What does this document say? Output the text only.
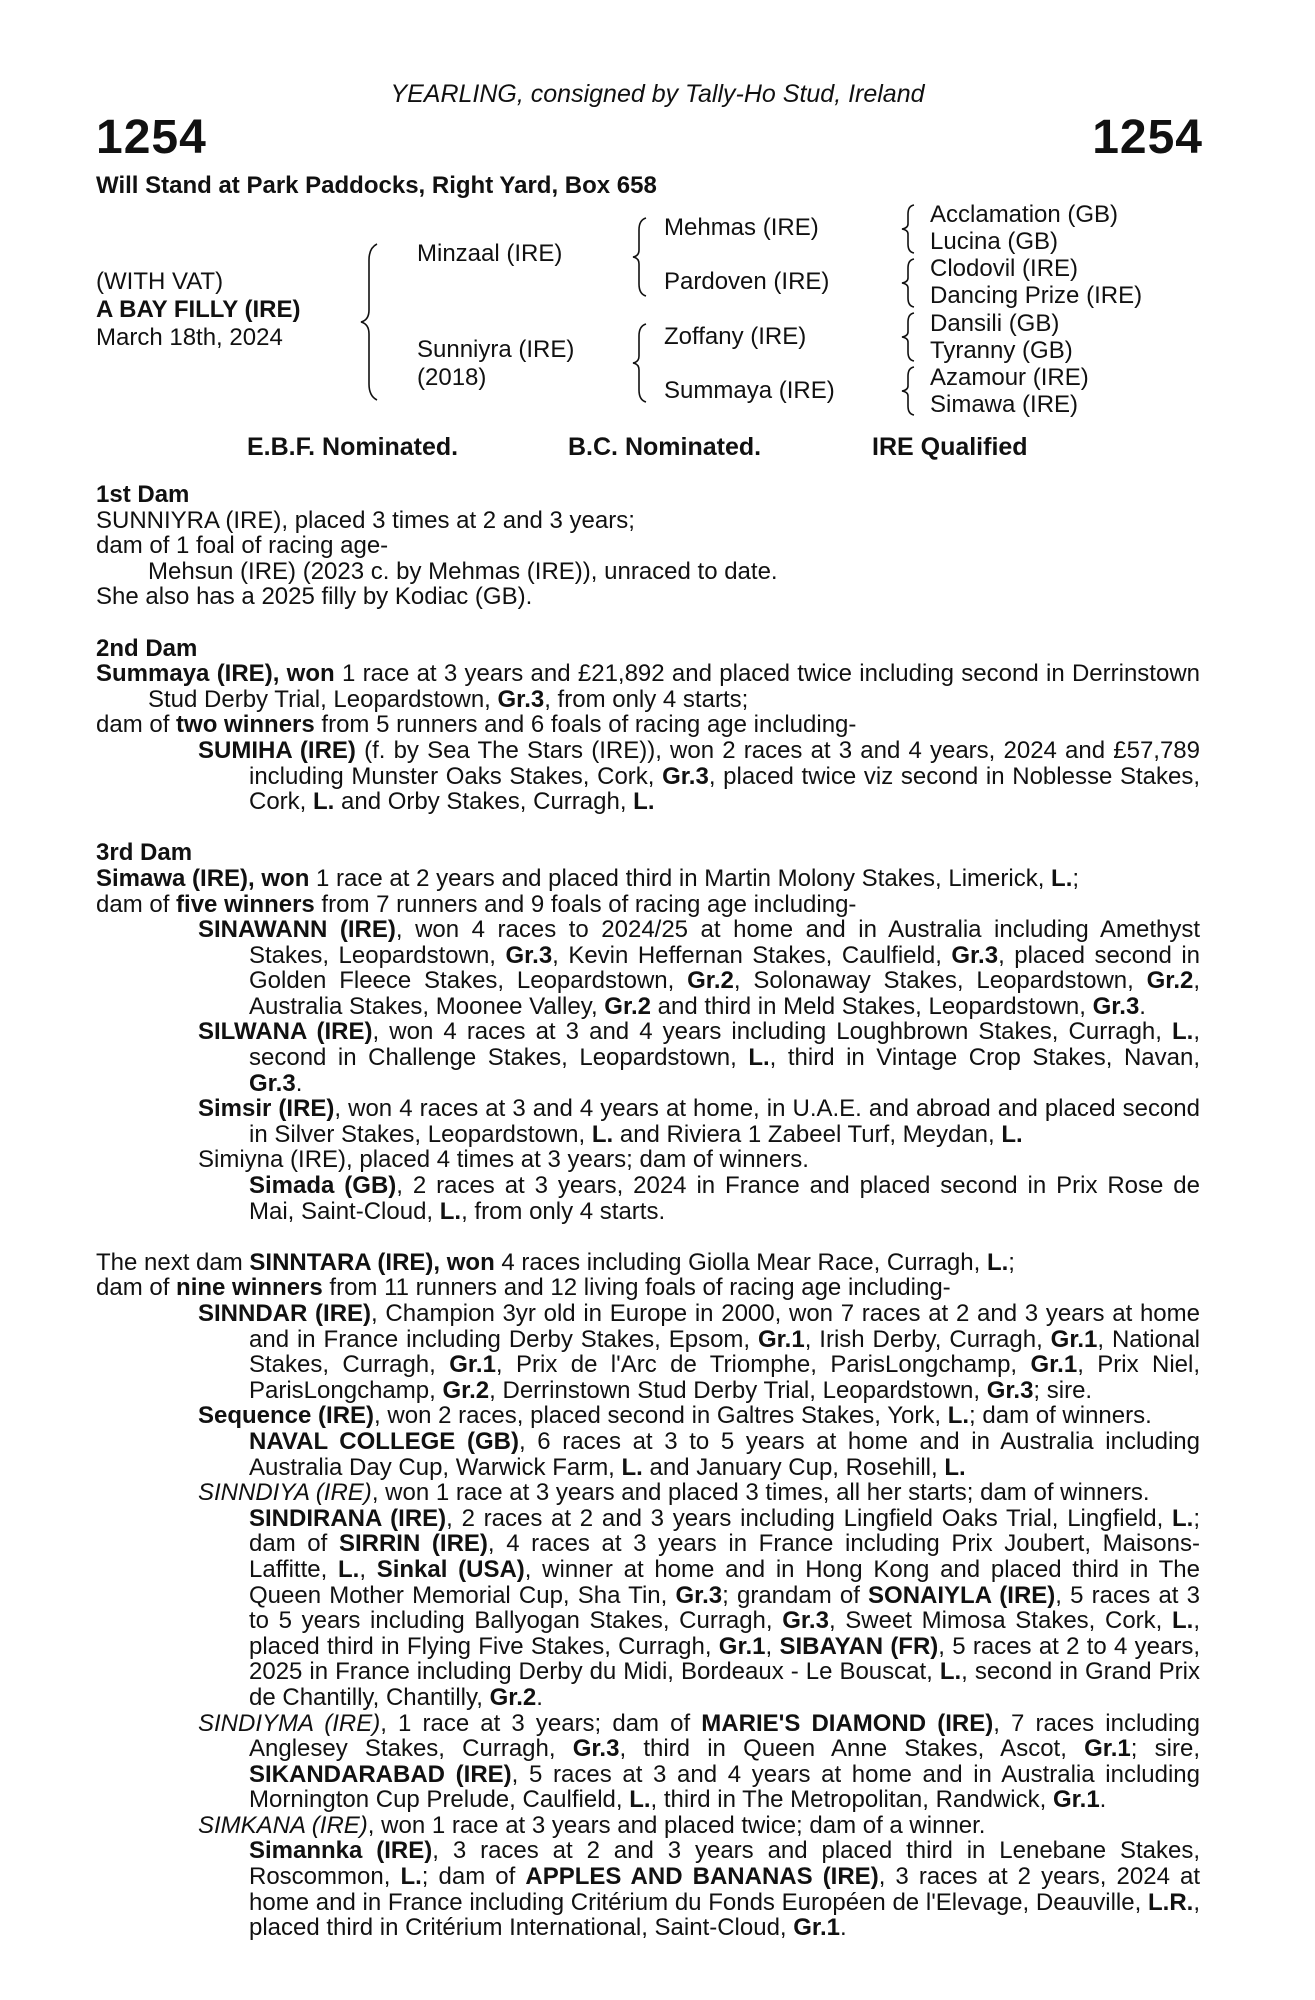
YEARLING, consigned by Tally-Ho Stud, Ireland
1254	1254
Will Stand at Park Paddocks, Right Yard, Box 658
(WITH VAT)
A BAY FILLY (IRE)
March 18th, 2024
Minzaal (IRE)
Sunniyra (IRE)
(2018)
Mehmas (IRE)
Pardoven (IRE)
Zoffany (IRE)
Summaya (IRE)
Acclamation (GB)
Lucina (GB)
Clodovil (IRE)
Dancing Prize (IRE)
Dansili (GB)
Tyranny (GB)
Azamour (IRE)
Simawa (IRE)
E.B.F. Nominated.	B.C. Nominated.	IRE Qualified
1st Dam

SUNNIYRA (IRE), placed 3 times at 2 and 3 years;

dam of 1 foal of racing age-

Mehsun (IRE) (2023 c. by Mehmas (IRE)), unraced to date.

She also has a 2025 filly by Kodiac (GB).

2nd Dam

Summaya (IRE), won 1 race at 3 years and £21,892 and placed twice including second in Derrinstown Stud Derby Trial, Leopardstown, Gr.3, from only 4 starts;

dam of two winners from 5 runners and 6 foals of racing age including-

SUMIHA (IRE) (f. by Sea The Stars (IRE)), won 2 races at 3 and 4 years, 2024 and £57,789 including Munster Oaks Stakes, Cork, Gr.3, placed twice viz second in Noblesse Stakes, Cork, L. and Orby Stakes, Curragh, L.

3rd Dam

Simawa (IRE), won 1 race at 2 years and placed third in Martin Molony Stakes, Limerick, L.;

dam of five winners from 7 runners and 9 foals of racing age including-

SINAWANN (IRE), won 4 races to 2024/25 at home and in Australia including Amethyst Stakes, Leopardstown, Gr.3, Kevin Heffernan Stakes, Caulfield, Gr.3, placed second in Golden Fleece Stakes, Leopardstown, Gr.2, Solonaway Stakes, Leopardstown, Gr.2, Australia Stakes, Moonee Valley, Gr.2 and third in Meld Stakes, Leopardstown, Gr.3.

SILWANA (IRE), won 4 races at 3 and 4 years including Loughbrown Stakes, Curragh, L., second in Challenge Stakes, Leopardstown, L., third in Vintage Crop Stakes, Navan, Gr.3.

Simsir (IRE), won 4 races at 3 and 4 years at home, in U.A.E. and abroad and placed second in Silver Stakes, Leopardstown, L. and Riviera 1 Zabeel Turf, Meydan, L.

Simiyna (IRE), placed 4 times at 3 years; dam of winners.

Simada (GB), 2 races at 3 years, 2024 in France and placed second in Prix Rose de Mai, Saint-Cloud, L., from only 4 starts.

The next dam SINNTARA (IRE), won 4 races including Giolla Mear Race, Curragh, L.;

dam of nine winners from 11 runners and 12 living foals of racing age including-

SINNDAR (IRE), Champion 3yr old in Europe in 2000, won 7 races at 2 and 3 years at home and in France including Derby Stakes, Epsom, Gr.1, Irish Derby, Curragh, Gr.1, National Stakes, Curragh, Gr.1, Prix de l'Arc de Triomphe, ParisLongchamp, Gr.1, Prix Niel, ParisLongchamp, Gr.2, Derrinstown Stud Derby Trial, Leopardstown, Gr.3; sire.

Sequence (IRE), won 2 races, placed second in Galtres Stakes, York, L.; dam of winners.

NAVAL COLLEGE (GB), 6 races at 3 to 5 years at home and in Australia including Australia Day Cup, Warwick Farm, L. and January Cup, Rosehill, L.

SINNDIYA (IRE), won 1 race at 3 years and placed 3 times, all her starts; dam of winners.

SINDIRANA (IRE), 2 races at 2 and 3 years including Lingfield Oaks Trial, Lingfield, L.; dam of SIRRIN (IRE), 4 races at 3 years in France including Prix Joubert, Maisons-Laffitte, L., Sinkal (USA), winner at home and in Hong Kong and placed third in The Queen Mother Memorial Cup, Sha Tin, Gr.3; grandam of SONAIYLA (IRE), 5 races at 3 to 5 years including Ballyogan Stakes, Curragh, Gr.3, Sweet Mimosa Stakes, Cork, L., placed third in Flying Five Stakes, Curragh, Gr.1, SIBAYAN (FR), 5 races at 2 to 4 years, 2025 in France including Derby du Midi, Bordeaux - Le Bouscat, L., second in Grand Prix de Chantilly, Chantilly, Gr.2.

SINDIYMA (IRE), 1 race at 3 years; dam of MARIE'S DIAMOND (IRE), 7 races including Anglesey Stakes, Curragh, Gr.3, third in Queen Anne Stakes, Ascot, Gr.1; sire, SIKANDARABAD (IRE), 5 races at 3 and 4 years at home and in Australia including Mornington Cup Prelude, Caulfield, L., third in The Metropolitan, Randwick, Gr.1.

SIMKANA (IRE), won 1 race at 3 years and placed twice; dam of a winner.

Simannka (IRE), 3 races at 2 and 3 years and placed third in Lenebane Stakes, Roscommon, L.; dam of APPLES AND BANANAS (IRE), 3 races at 2 years, 2024 at home and in France including Critérium du Fonds Européen de l'Elevage, Deauville, L.R., placed third in Critérium International, Saint-Cloud, Gr.1.
